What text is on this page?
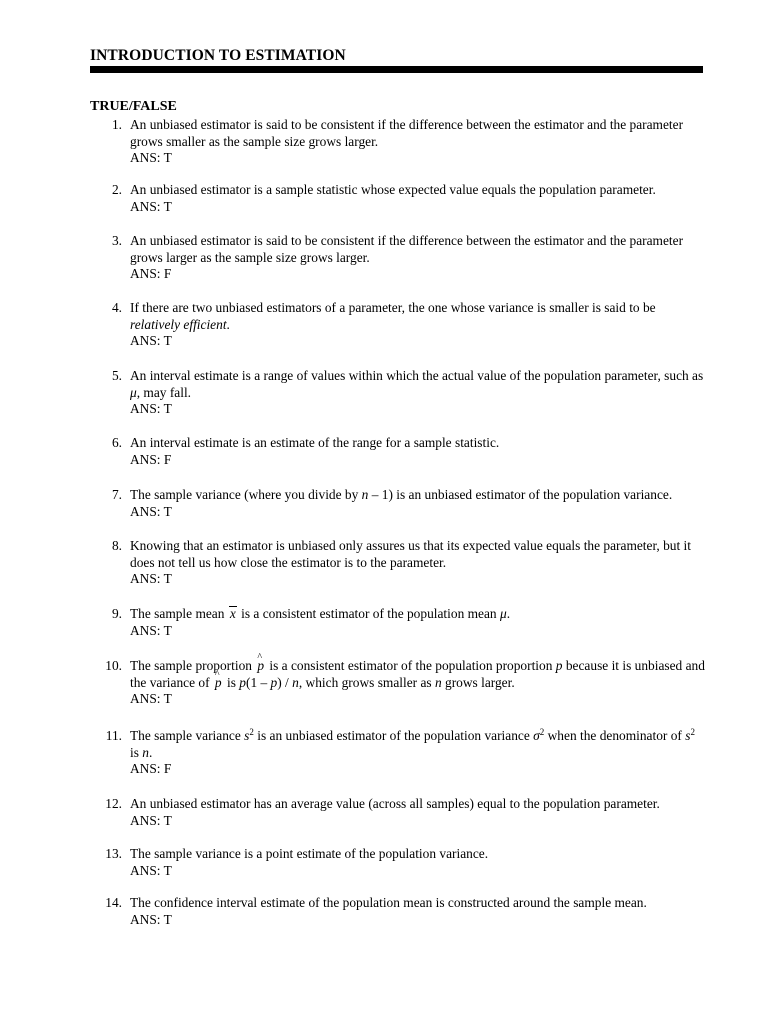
INTRODUCTION TO ESTIMATION
TRUE/FALSE
1. An unbiased estimator is said to be consistent if the difference between the estimator and the parameter grows smaller as the sample size grows larger.
ANS: T
2. An unbiased estimator is a sample statistic whose expected value equals the population parameter.
ANS: T
3. An unbiased estimator is said to be consistent if the difference between the estimator and the parameter grows larger as the sample size grows larger.
ANS: F
4. If there are two unbiased estimators of a parameter, the one whose variance is smaller is said to be relatively efficient.
ANS: T
5. An interval estimate is a range of values within which the actual value of the population parameter, such as μ, may fall.
ANS: T
6. An interval estimate is an estimate of the range for a sample statistic.
ANS: F
7. The sample variance (where you divide by n – 1) is an unbiased estimator of the population variance.
ANS: T
8. Knowing that an estimator is unbiased only assures us that its expected value equals the parameter, but it does not tell us how close the estimator is to the parameter.
ANS: T
9. The sample mean x is a consistent estimator of the population mean μ.
ANS: T
10. The sample proportion ^ p is a consistent estimator of the population proportion p because it is unbiased and the variance of ^ p is p(1 – p) / n, which grows smaller as n grows larger.
ANS: T
11. The sample variance $s^2$ is an unbiased estimator of the population variance $\sigma^2$ when the denominator of $s^2$ is n.
ANS: F
12. An unbiased estimator has an average value (across all samples) equal to the population parameter.
ANS: T
13. The sample variance is a point estimate of the population variance.
ANS: T
14. The confidence interval estimate of the population mean is constructed around the sample mean.
ANS: T
